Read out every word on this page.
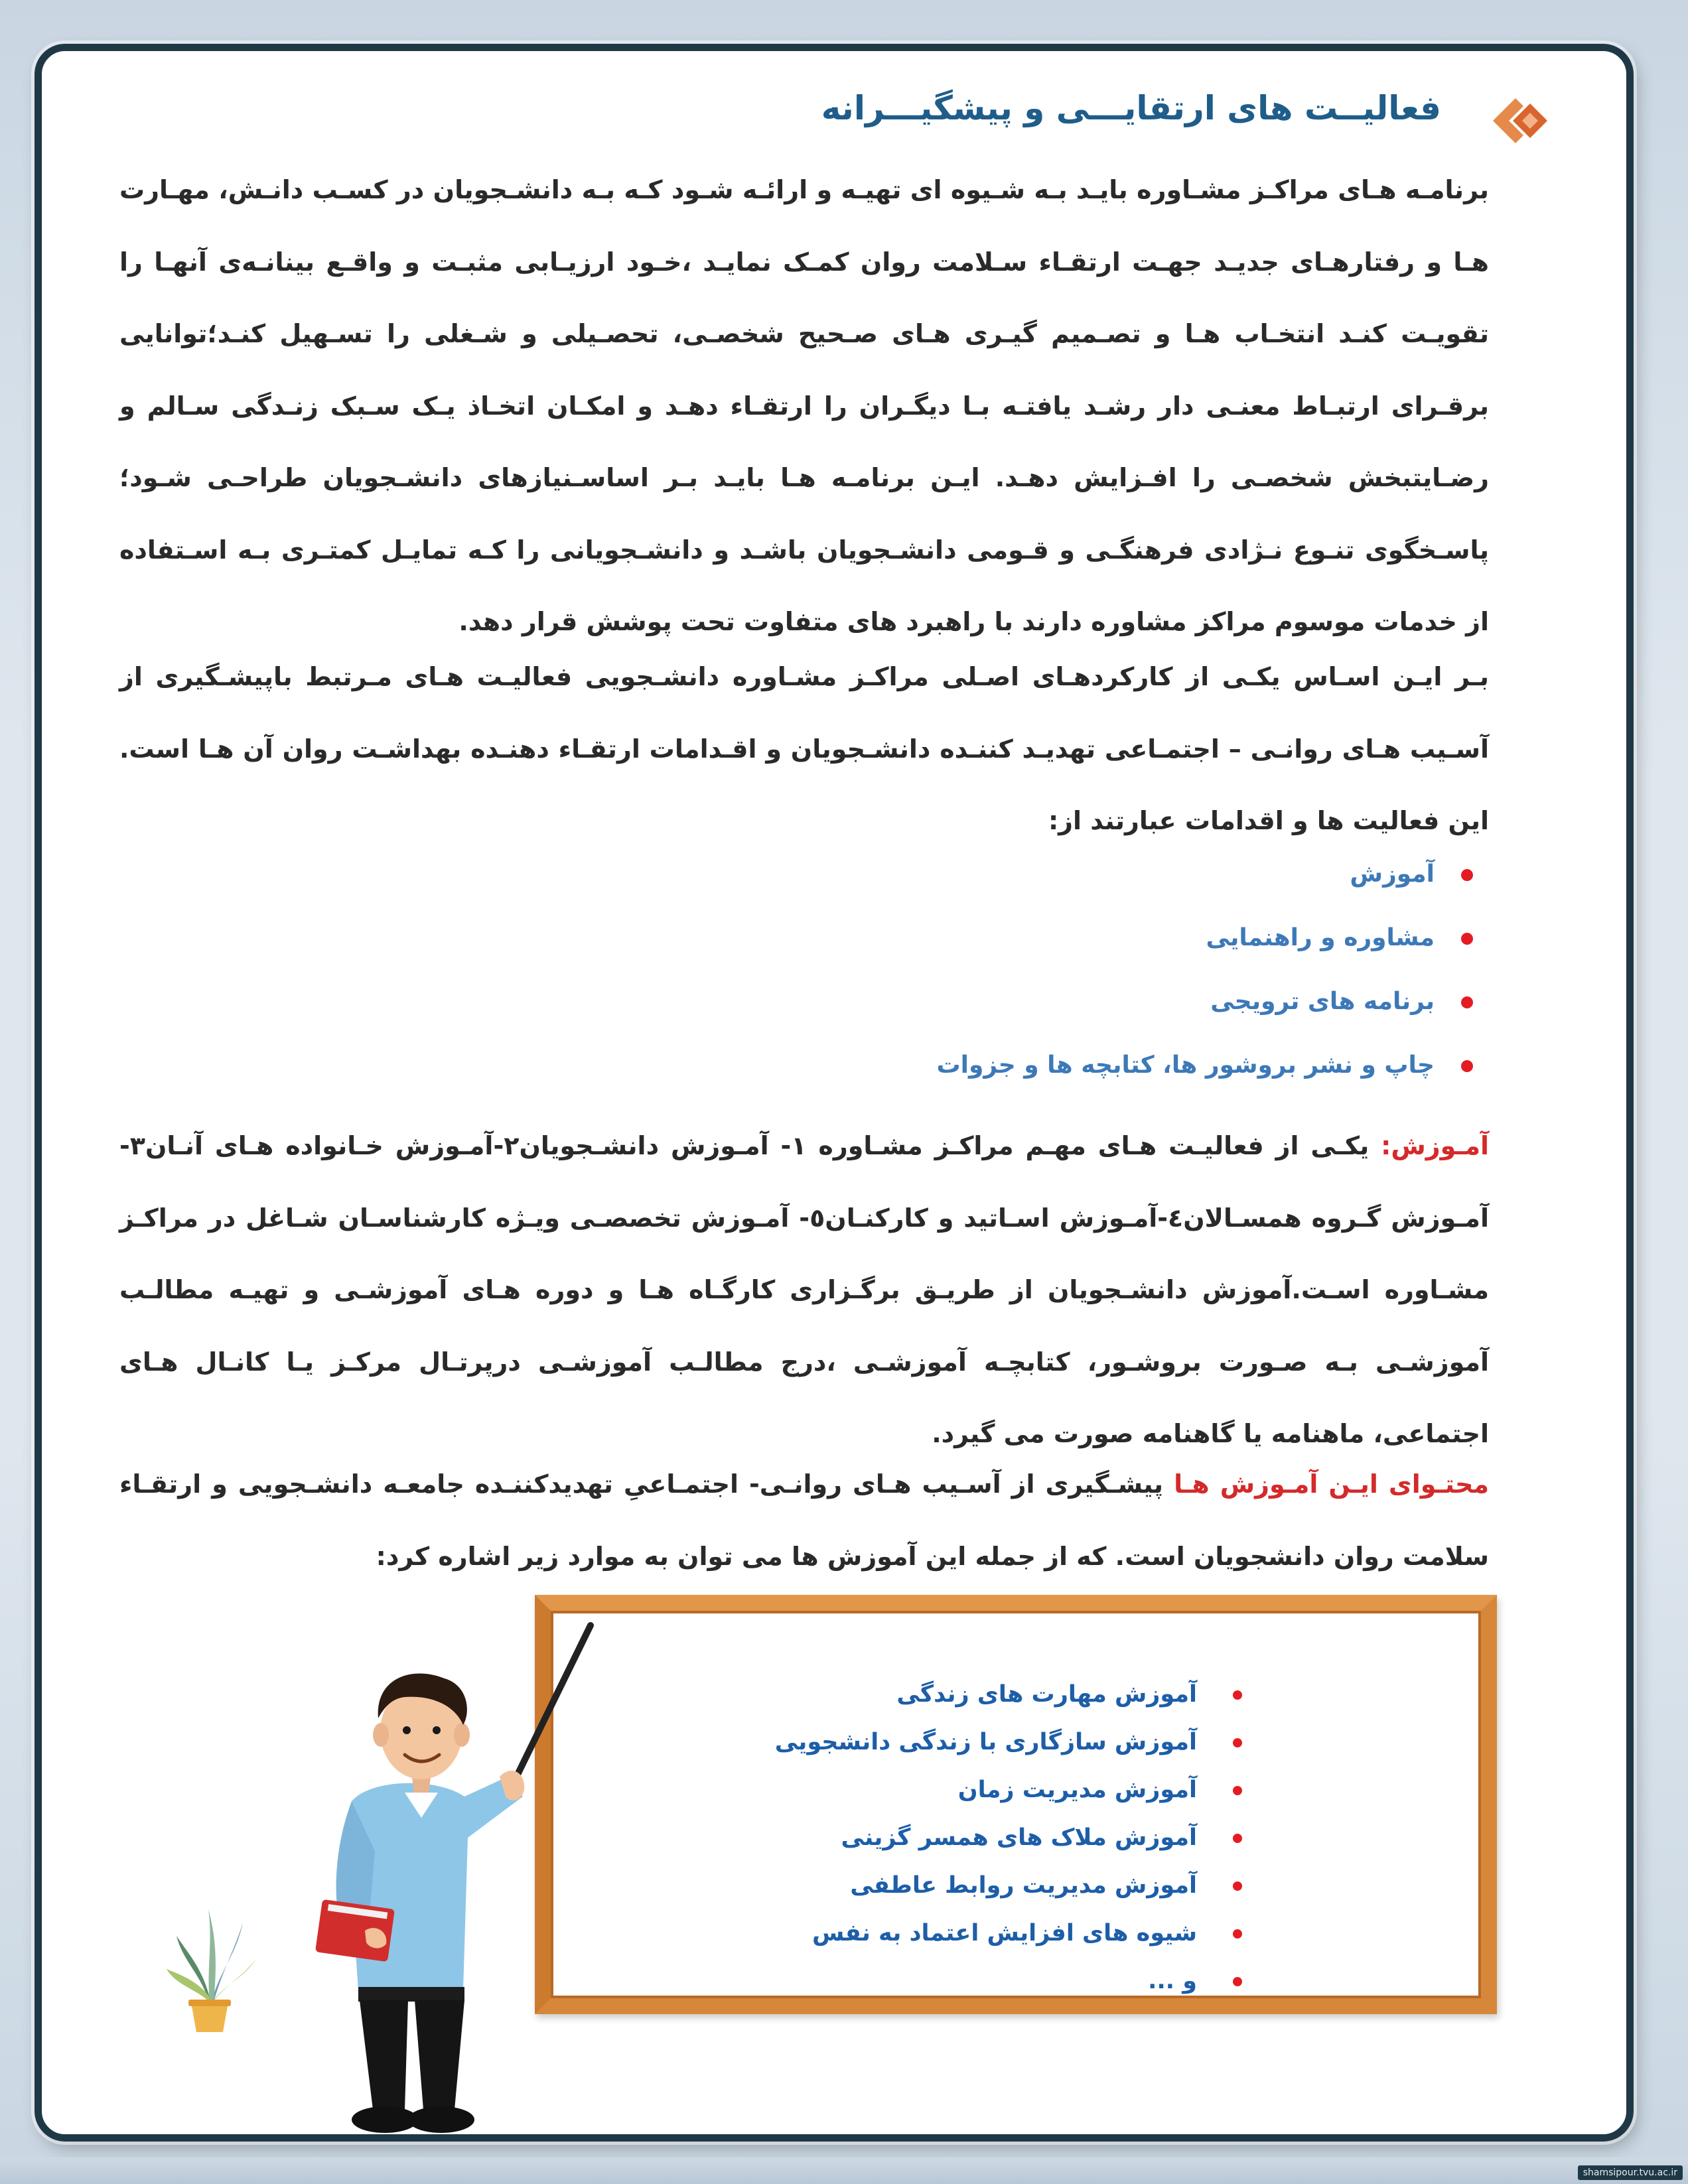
فعالیــت های ارتقایـــی و پیشگیـــرانه

برنامـه هـای مراکـز مشـاوره بایـد بـه شـیوه ای تهیـه و ارائـه شـود کـه بـه دانشـجویان در کسـب دانـش، مهـارت هـا و رفتارهـای جدیـد جهـت ارتقـاء سـلامت روان کمـک نمایـد ،خـود ارزیـابی مثبـت و واقـع بینانـه‌ی آنهـا را تقویـت کنـد انتخـاب هـا و تصـمیم گیـری هـای صـحیح شخصـی، تحصـیلی و شـغلی را تسـهیل کنـد؛توانایی برقـرای ارتبـاط معنـی دار رشـد یافتـه بـا دیگـران را ارتقـاء دهـد و امکـان اتخـاذ یـک سـبک زنـدگی سـالم و رضـایتبخش شخصـی را افـزایش دهـد. ایـن برنامـه هـا بایـد بـر اساسـنیازهای دانشـجویان طراحـی شـود؛ پاسـخگوی تنـوع نـژادی فرهنگـی و قـومی دانشـجویان باشـد و دانشـجویانی را کـه تمایـل کمتـری بـه اسـتفاده از خدمات موسوم مراکز مشاوره دارند با راهبرد های متفاوت تحت پوشش قرار دهد.

بـر ایـن اسـاس یکـی از کارکردهـای اصـلی مراکـز مشـاوره دانشـجویی فعالیـت هـای مـرتبط باپیشـگیری از آسـیب هـای روانـی – اجتمـاعی تهدیـد کننـده دانشـجویان و اقـدامات ارتقـاء دهنـده بهداشـت روان آن هـا است. این فعالیت ها و اقدامات عبارتند از:

آموزش
مشاوره و راهنمایی
برنامه های ترویجی
چاپ و نشر بروشور ها، کتابچه ها و جزوات

آمـوزش: یکـی از فعالیـت هـای مهـم مراکـز مشـاوره ۱- آمـوزش دانشـجویان۲-آمـوزش خـانواده هـای آنـان۳- آمـوزش گـروه همسـالان٤-آمـوزش اسـاتید و کارکنـان٥- آمـوزش تخصصـی ویـژه کارشناسـان شـاغل در مراکـز مشـاوره اسـت.آموزش دانشـجویان از طریـق برگـزاری کارگـاه هـا و دوره هـای آموزشـی و تهیـه مطالـب آموزشـی بـه صـورت بروشـور، کتابچـه آموزشـی ،درج مطالـب آموزشـی درپرتـال مرکـز یـا کانـال هـای اجتماعی، ماهنامه یا گاهنامه صورت می گیرد.

محتـوای ایـن آمـوزش هـا پیشـگیری از آسـیب هـای روانـی- اجتمـاعیِ تهدیدکننـده جامعـه دانشـجویی و ارتقـاء سلامت روان دانشجویان است. که از جمله این آموزش ها می توان به موارد زیر اشاره کرد:

آموزش مهارت های زندگی
آموزش سازگاری با زندگی دانشجویی
آموزش مدیریت زمان
آموزش ملاک های همسر گزینی
آموزش مدیریت روابط عاطفی
شیوه های افزایش اعتماد به نفس
و ...
shamsipour.tvu.ac.ir
